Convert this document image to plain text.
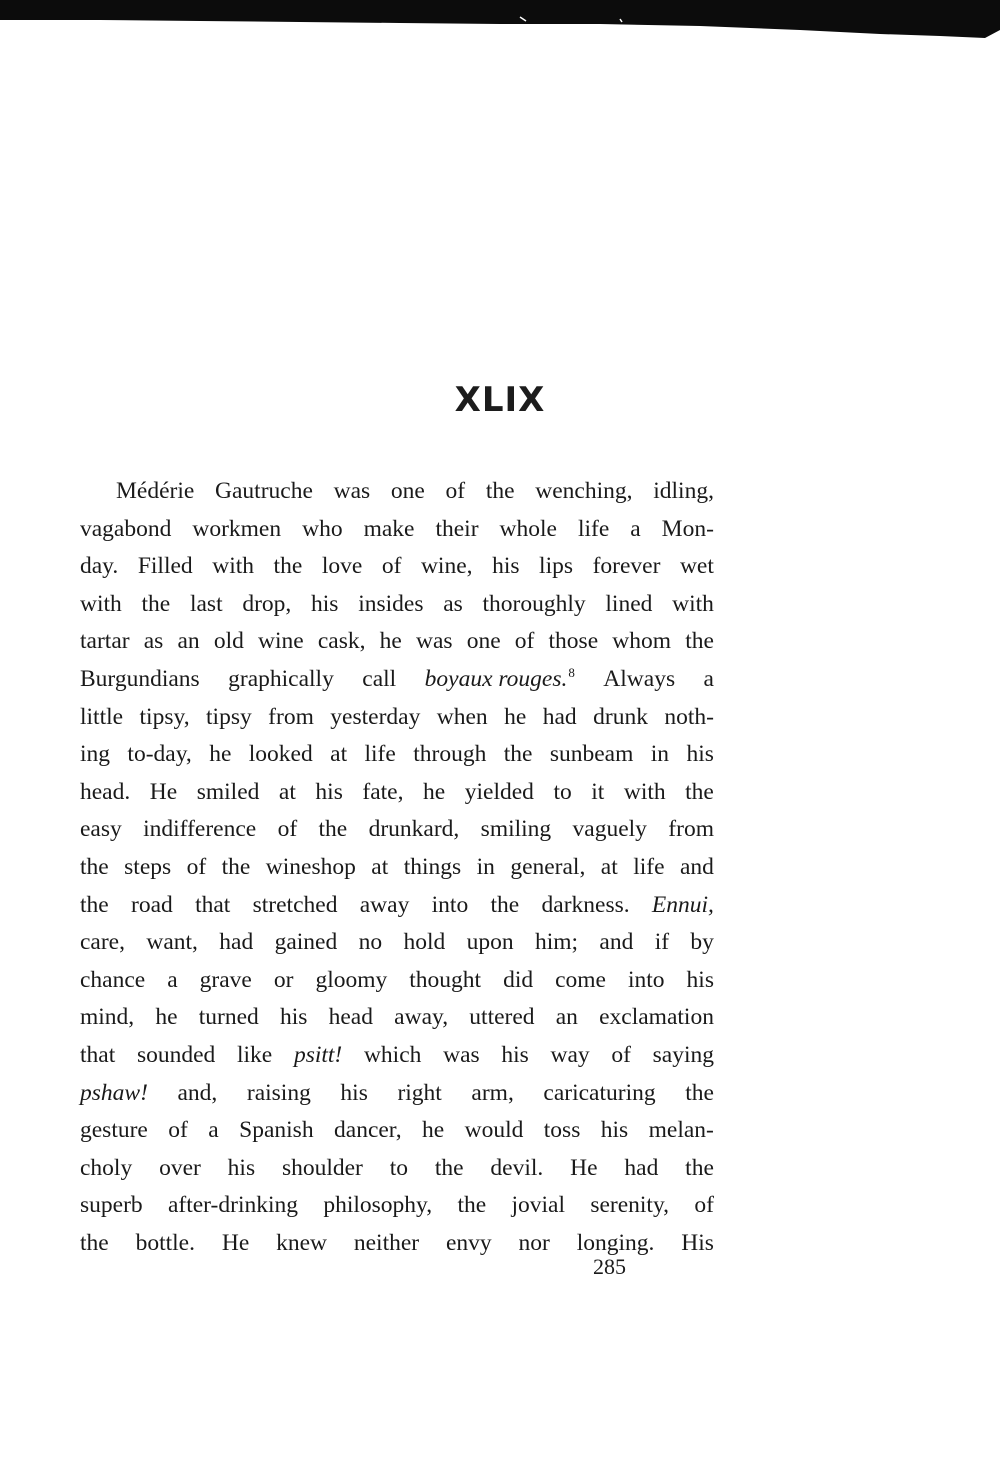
XLIX
Médérie Gautruche was one of the wenching, idling,
vagabond workmen who make their whole life a Mon-
day. Filled with the love of wine, his lips forever wet
with the last drop, his insides as thoroughly lined with
tartar as an old wine cask, he was one of those whom the
Burgundians graphically call boyaux rouges.8 Always a
little tipsy, tipsy from yesterday when he had drunk noth-
ing to-day, he looked at life through the sunbeam in his
head. He smiled at his fate, he yielded to it with the
easy indifference of the drunkard, smiling vaguely from
the steps of the wineshop at things in general, at life and
the road that stretched away into the darkness. Ennui,
care, want, had gained no hold upon him; and if by
chance a grave or gloomy thought did come into his
mind, he turned his head away, uttered an exclamation
that sounded like psitt! which was his way of saying
pshaw! and, raising his right arm, caricaturing the
gesture of a Spanish dancer, he would toss his melan-
choly over his shoulder to the devil. He had the
superb after-drinking philosophy, the jovial serenity, of
the bottle. He knew neither envy nor longing. His
285
